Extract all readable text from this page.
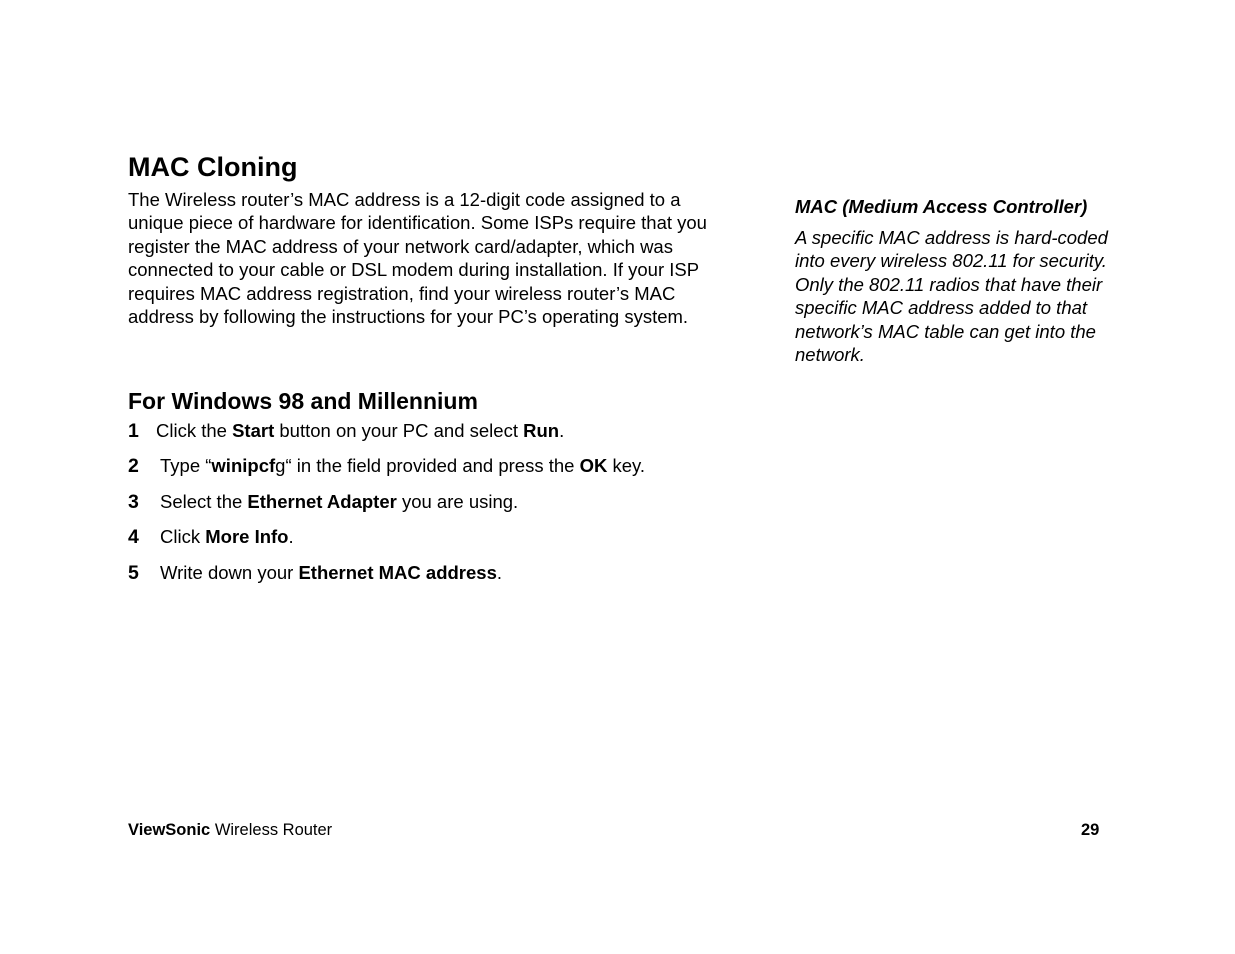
MAC Cloning

The Wireless router’s MAC address is a 12-digit code assigned to a unique piece of hardware for identification. Some ISPs require that you register the MAC address of your network card/adapter, which was connected to your cable or DSL modem during installation. If your ISP requires MAC address registration, find your wireless router’s MAC address by following the instructions for your PC’s operating system.

For Windows 98 and Millennium
1 Click the Start button on your PC and select Run.
2 Type “winipcfg“ in the field provided and press the OK key.
3 Select the Ethernet Adapter you are using.
4 Click More Info.
5 Write down your Ethernet MAC address.

MAC (Medium Access Controller)

A specific MAC address is hard-coded into every wireless 802.11 for security. Only the 802.11 radios that have their specific MAC address added to that network’s MAC table can get into the network.

ViewSonic Wireless Router	29
